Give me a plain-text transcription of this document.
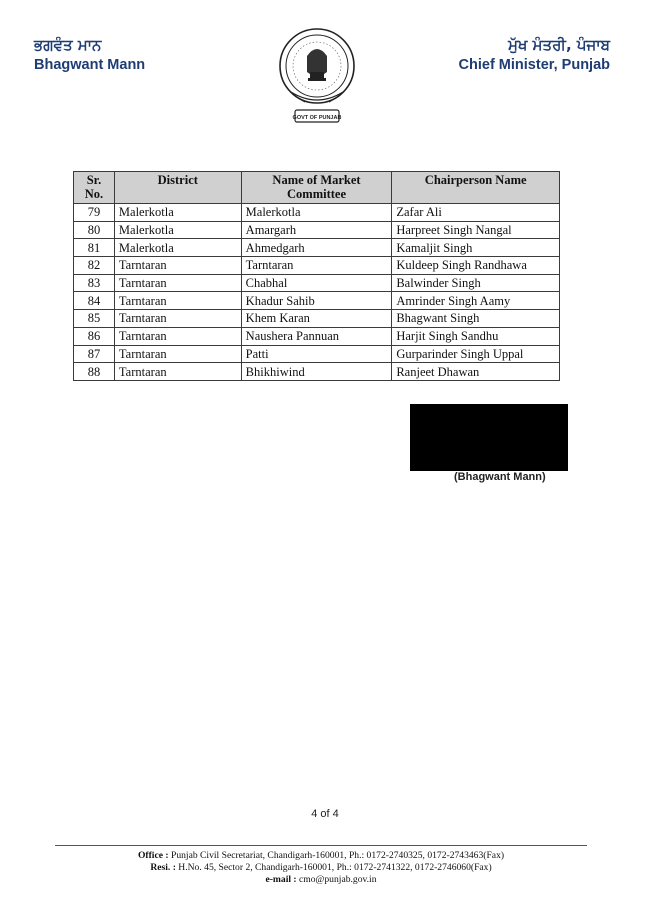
ਭਗਵੰਤ ਮਾਨ
Bhagwant Mann
GOVT OF PUNJAB
ਮੁੱਖ ਮੰਤਰੀ, ਪੰਜਾਬ
Chief Minister, Punjab
Sr. No.	District	Name of Market Committee	Chairperson Name
79	Malerkotla	Malerkotla	Zafar Ali
80	Malerkotla	Amargarh	Harpreet Singh Nangal
81	Malerkotla	Ahmedgarh	Kamaljit Singh
82	Tarntaran	Tarntaran	Kuldeep Singh Randhawa
83	Tarntaran	Chabhal	Balwinder Singh
84	Tarntaran	Khadur Sahib	Amrinder Singh Aamy
85	Tarntaran	Khem Karan	Bhagwant Singh
86	Tarntaran	Naushera Pannuan	Harjit Singh Sandhu
87	Tarntaran	Patti	Gurparinder Singh Uppal
88	Tarntaran	Bhikhiwind	Ranjeet Dhawan
(Bhagwant Mann)
4 of 4
Office : Punjab Civil Secretariat, Chandigarh-160001, Ph.: 0172-2740325, 0172-2743463(Fax)
Resi. : H.No. 45, Sector 2, Chandigarh-160001, Ph.: 0172-2741322, 0172-2746060(Fax)
e-mail : cmo@punjab.gov.in
